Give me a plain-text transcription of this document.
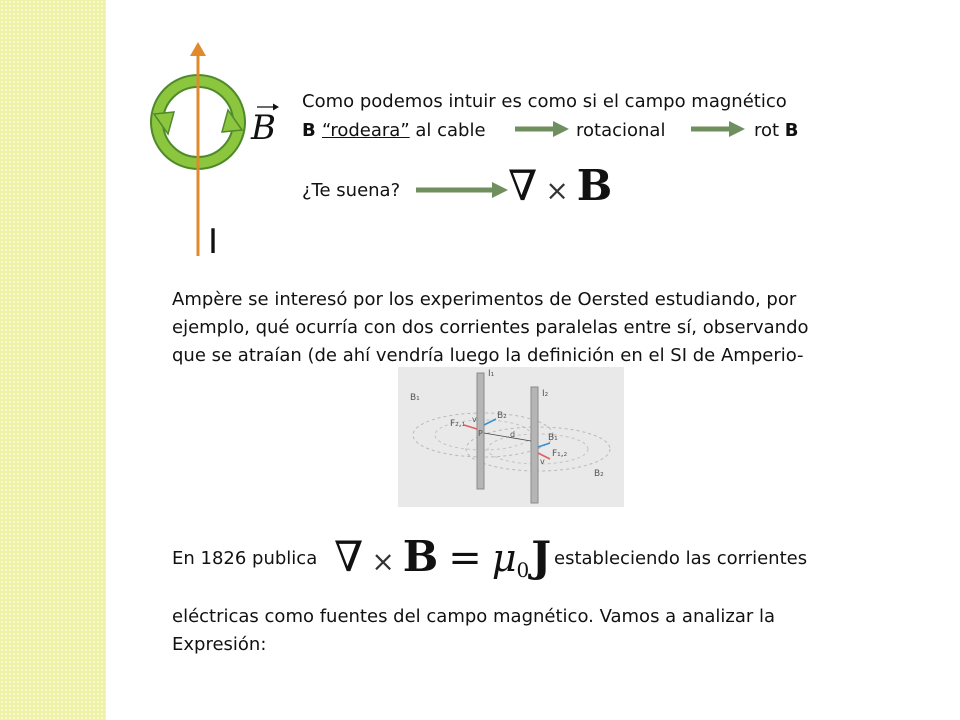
I
B
Como podemos intuir es como si el campo magnético
B “rodeara” al cable	rotacional	rot B
¿Te suena?	∇ × B
Ampère se interesó por los experimentos de Oersted estudiando, por
ejemplo, qué ocurría con dos corrientes paralelas entre sí, observando
que se atraían (de ahí vendría luego la definición en el SI de Amperio-
I₁
I₂
B₁
B₂
F₂,₁ v
P	d	B₁
F₁,₂
v
B₂
En 1826 publica ∇ × B = μ0J estableciendo las corrientes
eléctricas como fuentes del campo magnético. Vamos a analizar la
Expresión:
